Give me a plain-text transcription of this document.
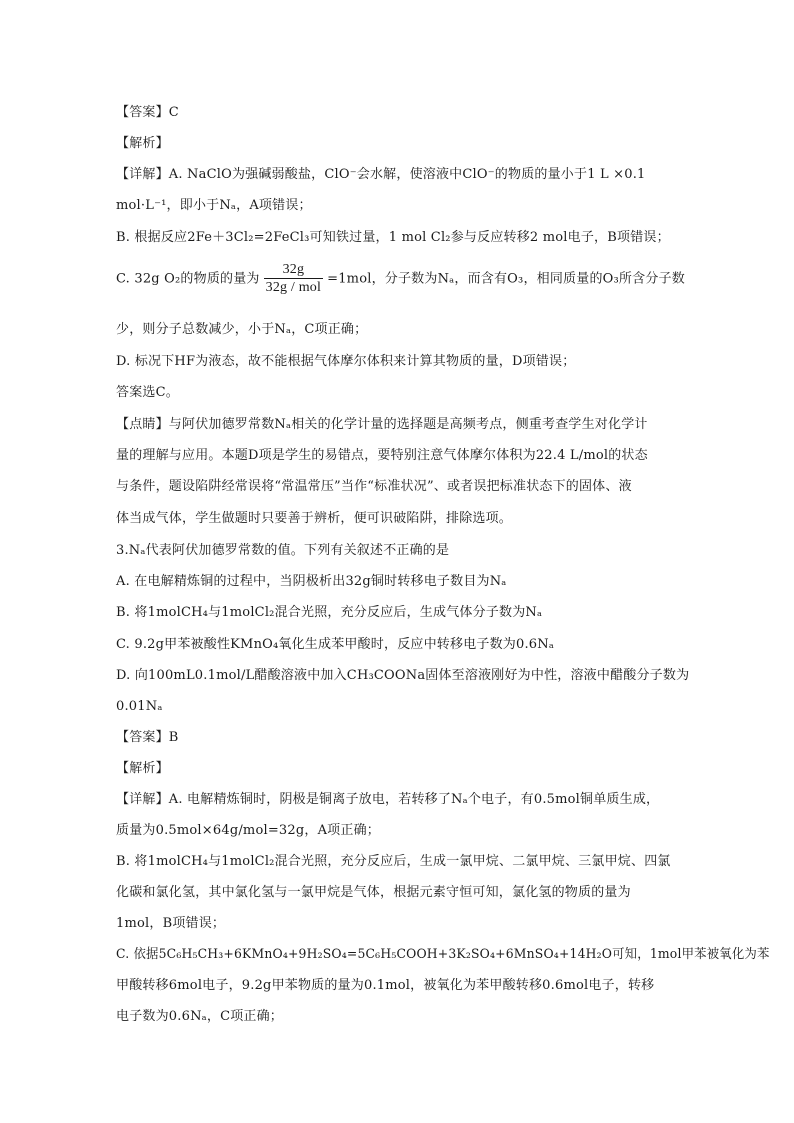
【答案】C
【解析】
【详解】A. NaClO为强碱弱酸盐，ClO⁻会水解，使溶液中ClO⁻的物质的量小于1 L ×0.1
mol·L⁻¹，即小于Nₐ，A项错误；
B. 根据反应2Fe＋3Cl₂=2FeCl₃可知铁过量，1 mol Cl₂参与反应转移2 mol电子，B项错误；
C. 32g O₂的物质的量为 $\frac{32g}{\text{32g / mol}} =1mol$，分子数为Nₐ，而含有O₃，相同质量的O₃所含分子数
少，则分子总数减少，小于Nₐ，C项正确；
D. 标况下HF为液态，故不能根据气体摩尔体积来计算其物质的量，D项错误；
答案选C。
【点睛】与阿伏加德罗常数Nₐ相关的化学计量的选择题是高频考点，侧重考查学生对化学计
量的理解与应用。本题D项是学生的易错点，要特别注意气体摩尔体积为22.4 L/mol的状态
与条件，题设陷阱经常误将“常温常压”当作“标准状况”、或者误把标准状态下的固体、液
体当成气体，学生做题时只要善于辨析，便可识破陷阱，排除选项。
3.Nₐ代表阿伏加德罗常数的值。下列有关叙述不正确的是
A. 在电解精炼铜的过程中，当阴极析出32g铜时转移电子数目为Nₐ
B. 将1molCH₄与1molCl₂混合光照，充分反应后，生成气体分子数为Nₐ
C. 9.2g甲苯被酸性KMnO₄氧化生成苯甲酸时，反应中转移电子数为0.6Nₐ
D. 向100mL0.1mol/L醋酸溶液中加入CH₃COONa固体至溶液刚好为中性，溶液中醋酸分子数为
0.01Nₐ
【答案】B
【解析】
【详解】A. 电解精炼铜时，阴极是铜离子放电，若转移了Nₐ个电子，有0.5mol铜单质生成，
质量为0.5mol×64g/mol=32g，A项正确；
B. 将1molCH₄与1molCl₂混合光照，充分反应后，生成一氯甲烷、二氯甲烷、三氯甲烷、四氯
化碳和氯化氢，其中氯化氢与一氯甲烷是气体，根据元素守恒可知，氯化氢的物质的量为
1mol，B项错误；
C. 依据5C₆H₅CH₃+6KMnO₄+9H₂SO₄=5C₆H₅COOH+3K₂SO₄+6MnSO₄+14H₂O可知，1mol甲苯被氧化为苯
甲酸转移6mol电子，9.2g甲苯物质的量为0.1mol，被氧化为苯甲酸转移0.6mol电子，转移
电子数为0.6Nₐ，C项正确；
